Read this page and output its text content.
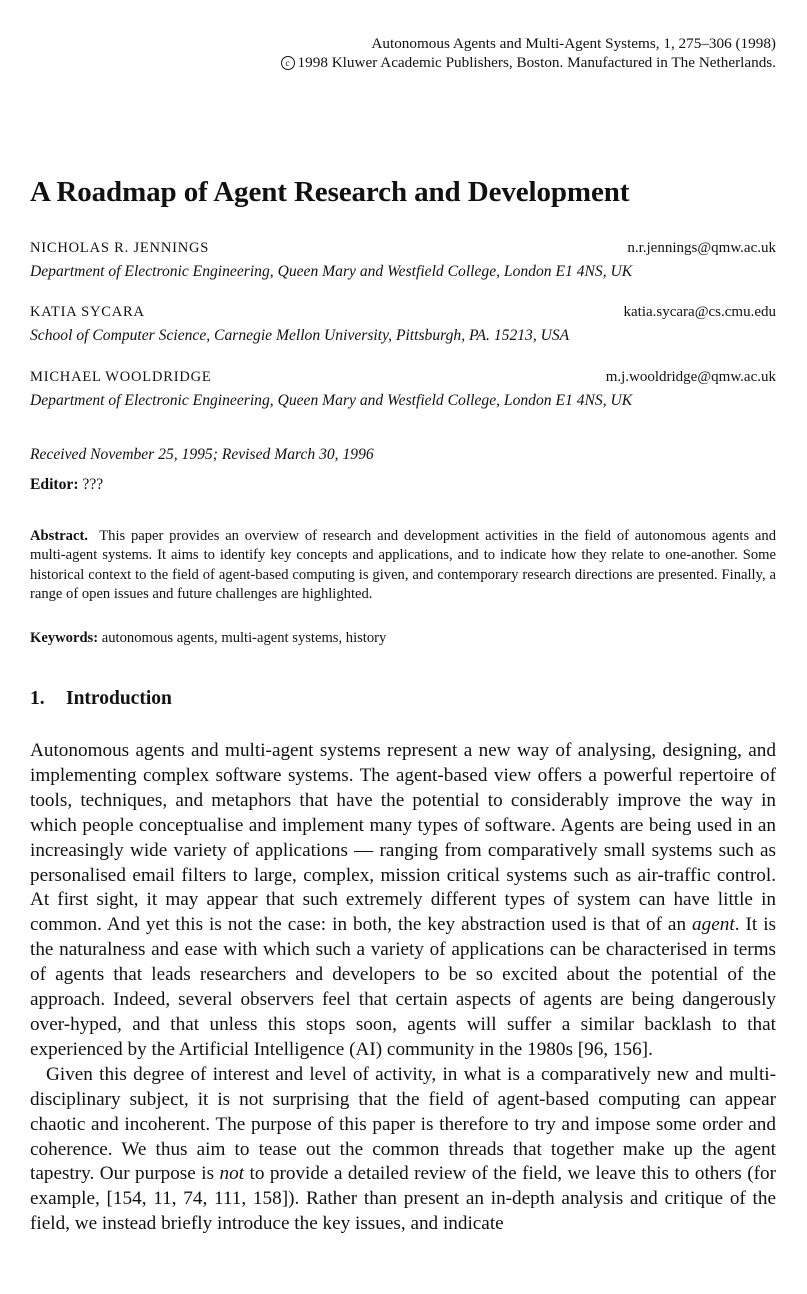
Autonomous Agents and Multi-Agent Systems, 1, 275–306 (1998)
c 1998 Kluwer Academic Publishers, Boston. Manufactured in The Netherlands.
A Roadmap of Agent Research and Development
NICHOLAS R. JENNINGS	n.r.jennings@qmw.ac.uk
Department of Electronic Engineering, Queen Mary and Westfield College, London E1 4NS, UK
KATIA SYCARA	katia.sycara@cs.cmu.edu
School of Computer Science, Carnegie Mellon University, Pittsburgh, PA. 15213, USA
MICHAEL WOOLDRIDGE	m.j.wooldridge@qmw.ac.uk
Department of Electronic Engineering, Queen Mary and Westfield College, London E1 4NS, UK
Received November 25, 1995; Revised March 30, 1996
Editor: ???
Abstract. This paper provides an overview of research and development activities in the field of autonomous agents and multi-agent systems. It aims to identify key concepts and applications, and to indicate how they relate to one-another. Some historical context to the field of agent-based computing is given, and contemporary research directions are presented. Finally, a range of open issues and future challenges are highlighted.
Keywords: autonomous agents, multi-agent systems, history
1. Introduction

Autonomous agents and multi-agent systems represent a new way of analysing, designing, and implementing complex software systems. The agent-based view offers a powerful repertoire of tools, techniques, and metaphors that have the potential to considerably improve the way in which people conceptualise and implement many types of software. Agents are being used in an increasingly wide variety of applications — ranging from comparatively small systems such as personalised email filters to large, complex, mission critical systems such as air-traffic control. At first sight, it may appear that such extremely different types of system can have little in common. And yet this is not the case: in both, the key abstraction used is that of an agent. It is the naturalness and ease with which such a variety of applications can be characterised in terms of agents that leads researchers and developers to be so excited about the potential of the approach. Indeed, several observers feel that certain aspects of agents are being dangerously over-hyped, and that unless this stops soon, agents will suffer a similar backlash to that experienced by the Artificial Intelligence (AI) community in the 1980s [96, 156].

Given this degree of interest and level of activity, in what is a comparatively new and multi-disciplinary subject, it is not surprising that the field of agent-based computing can appear chaotic and incoherent. The purpose of this paper is therefore to try and impose some order and coherence. We thus aim to tease out the common threads that together make up the agent tapestry. Our purpose is not to provide a detailed review of the field, we leave this to others (for example, [154, 11, 74, 111, 158]). Rather than present an in-depth analysis and critique of the field, we instead briefly introduce the key issues, and indicate
